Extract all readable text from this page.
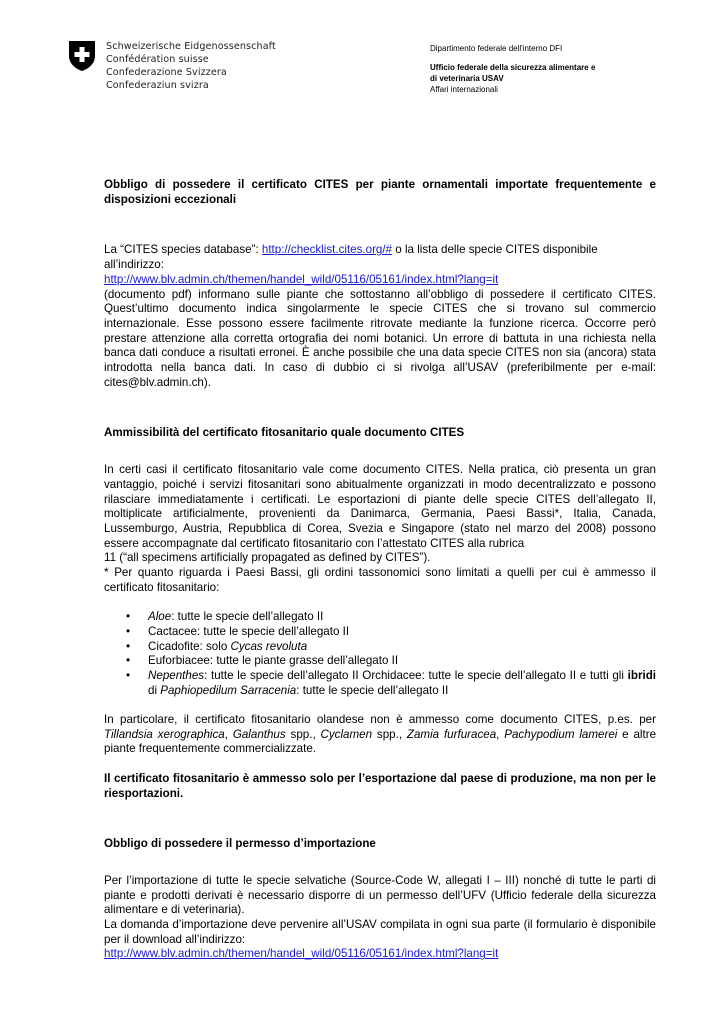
Schweizerische Eidgenossenschaft
Confédération suisse
Confederazione Svizzera
Confederaziun svizra
Dipartimento federale dell'interno DFI
Ufficio federale della sicurezza alimentare e
di veterinaria USAV
Affari internazionali

Obbligo di possedere il certificato CITES per piante ornamentali importate frequentemente e disposizioni eccezionali

La “CITES species database”: http://checklist.cites.org/# o la lista delle specie CITES disponibile all’indirizzo:

http://www.blv.admin.ch/themen/handel_wild/05116/05161/index.html?lang=it

(documento pdf) informano sulle piante che sottostanno all’obbligo di possedere il certificato CITES. Quest’ultimo documento indica singolarmente le specie CITES che si trovano sul commercio internazionale. Esse possono essere facilmente ritrovate mediante la funzione ricerca. Occorre però prestare attenzione alla corretta ortografia dei nomi botanici. Un errore di battuta in una richiesta nella banca dati conduce a risultati erronei. È anche possibile che una data specie CITES non sia (ancora) stata introdotta nella banca dati. In caso di dubbio ci si rivolga all’USAV (preferibilmente per e-mail: cites@blv.admin.ch).

Ammissibilità del certificato fitosanitario quale documento CITES

In certi casi il certificato fitosanitario vale come documento CITES. Nella pratica, ciò presenta un gran vantaggio, poiché i servizi fitosanitari sono abitualmente organizzati in modo decentralizzato e possono rilasciare immediatamente i certificati. Le esportazioni di piante delle specie CITES dell’allegato II, moltiplicate artificialmente, provenienti da Danimarca, Germania, Paesi Bassi*, Italia, Canada, Lussemburgo, Austria, Repubblica di Corea, Svezia e Singapore (stato nel marzo del 2008) possono essere accompagnate dal certificato fitosanitario con l’attestato CITES alla rubrica

11 (“all specimens artificially propagated as defined by CITES”).

* Per quanto riguarda i Paesi Bassi, gli ordini tassonomici sono limitati a quelli per cui è ammesso il certificato fitosanitario:

• Aloe: tutte le specie dell’allegato II
• Cactacee: tutte le specie dell’allegato II
• Cicadofite: solo Cycas revoluta
• Euforbiacee: tutte le piante grasse dell’allegato II
• Nepenthes: tutte le specie dell’allegato II Orchidacee: tutte le specie dell’allegato II e tutti gli ibridi di Paphiopedilum Sarracenia: tutte le specie dell’allegato II

In particolare, il certificato fitosanitario olandese non è ammesso come documento CITES, p.es. per Tillandsia xerographica, Galanthus spp., Cyclamen spp., Zamia furfuracea, Pachypodium lamerei e altre piante frequentemente commercializzate.

Il certificato fitosanitario è ammesso solo per l’esportazione dal paese di produzione, ma non per le riesportazioni.

Obbligo di possedere il permesso d’importazione

Per l’importazione di tutte le specie selvatiche (Source-Code W, allegati I – III) nonché di tutte le parti di piante e prodotti derivati è necessario disporre di un permesso dell’UFV (Ufficio federale della sicurezza alimentare e di veterinaria).

La domanda d’importazione deve pervenire all’USAV compilata in ogni sua parte (il formulario è disponibile per il download all’indirizzo:

http://www.blv.admin.ch/themen/handel_wild/05116/05161/index.html?lang=it
